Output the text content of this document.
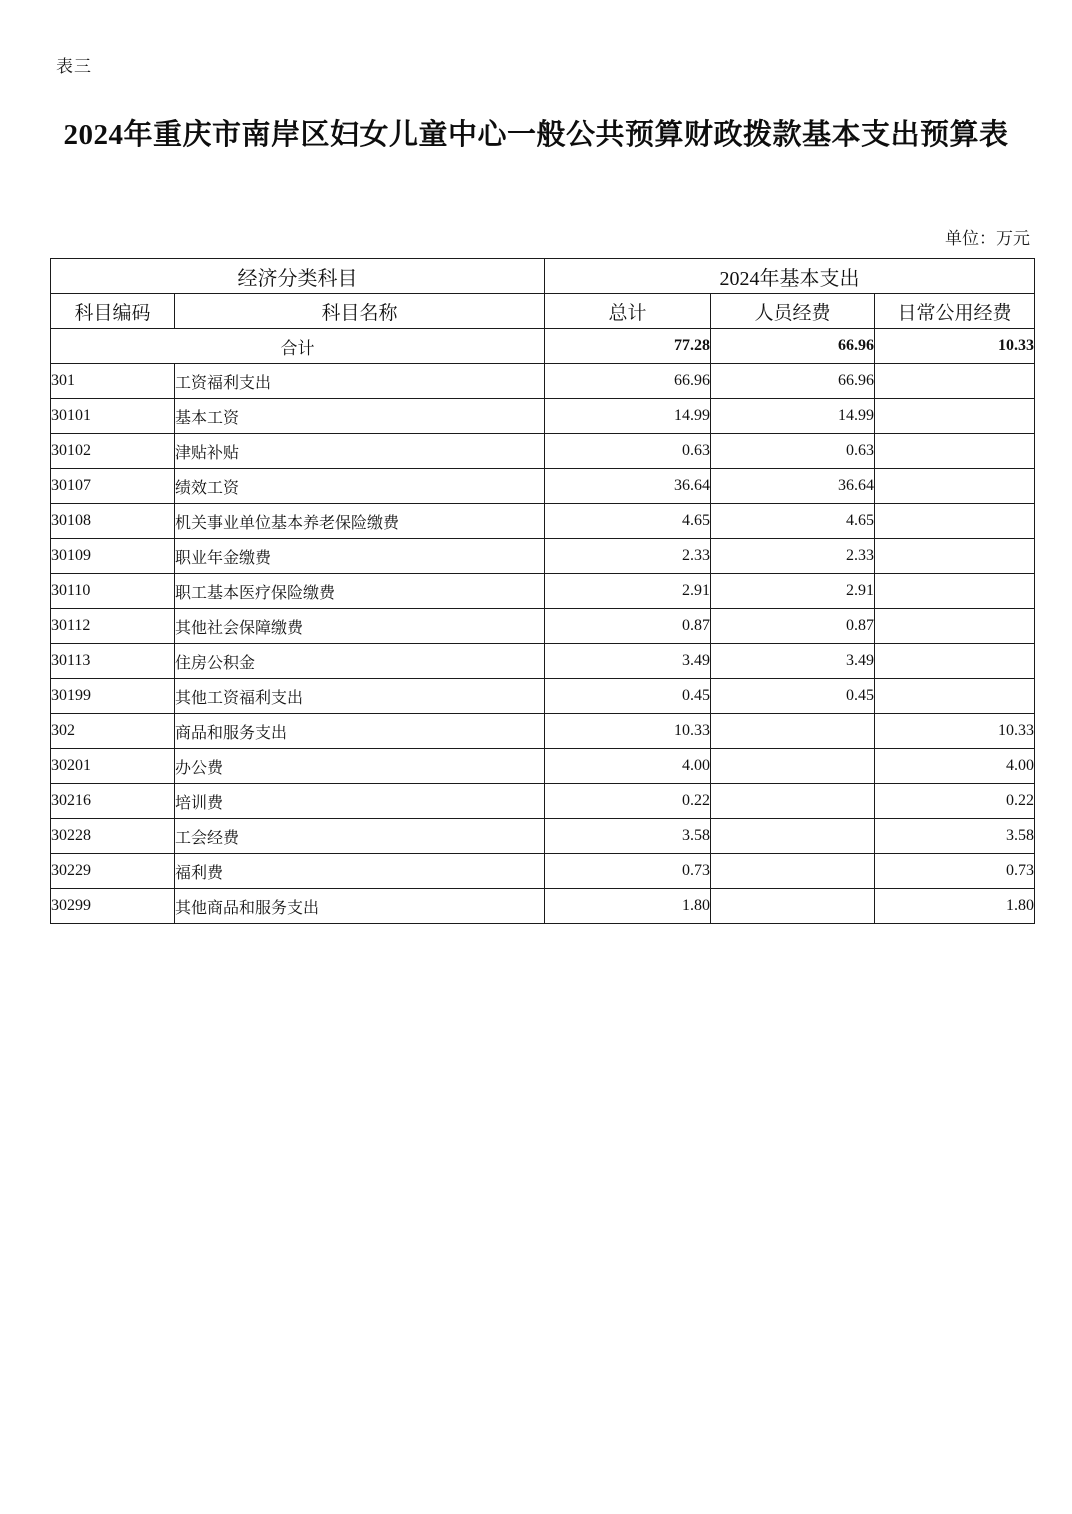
表三
2024年重庆市南岸区妇女儿童中心一般公共预算财政拨款基本支出预算表
单位：万元
经济分类科目		2024年基本支出		
科目编码	科目名称	总计	人员经费	日常公用经费
合计		77.28	66.96	10.33
301	工资福利支出	66.96	66.96	
30101	基本工资	14.99	14.99	
30102	津贴补贴	0.63	0.63	
30107	绩效工资	36.64	36.64	
30108	机关事业单位基本养老保险缴费	4.65	4.65	
30109	职业年金缴费	2.33	2.33	
30110	职工基本医疗保险缴费	2.91	2.91	
30112	其他社会保障缴费	0.87	0.87	
30113	住房公积金	3.49	3.49	
30199	其他工资福利支出	0.45	0.45	
302	商品和服务支出	10.33		10.33
30201	办公费	4.00		4.00
30216	培训费	0.22		0.22
30228	工会经费	3.58		3.58
30229	福利费	0.73		0.73
30299	其他商品和服务支出	1.80		1.80
